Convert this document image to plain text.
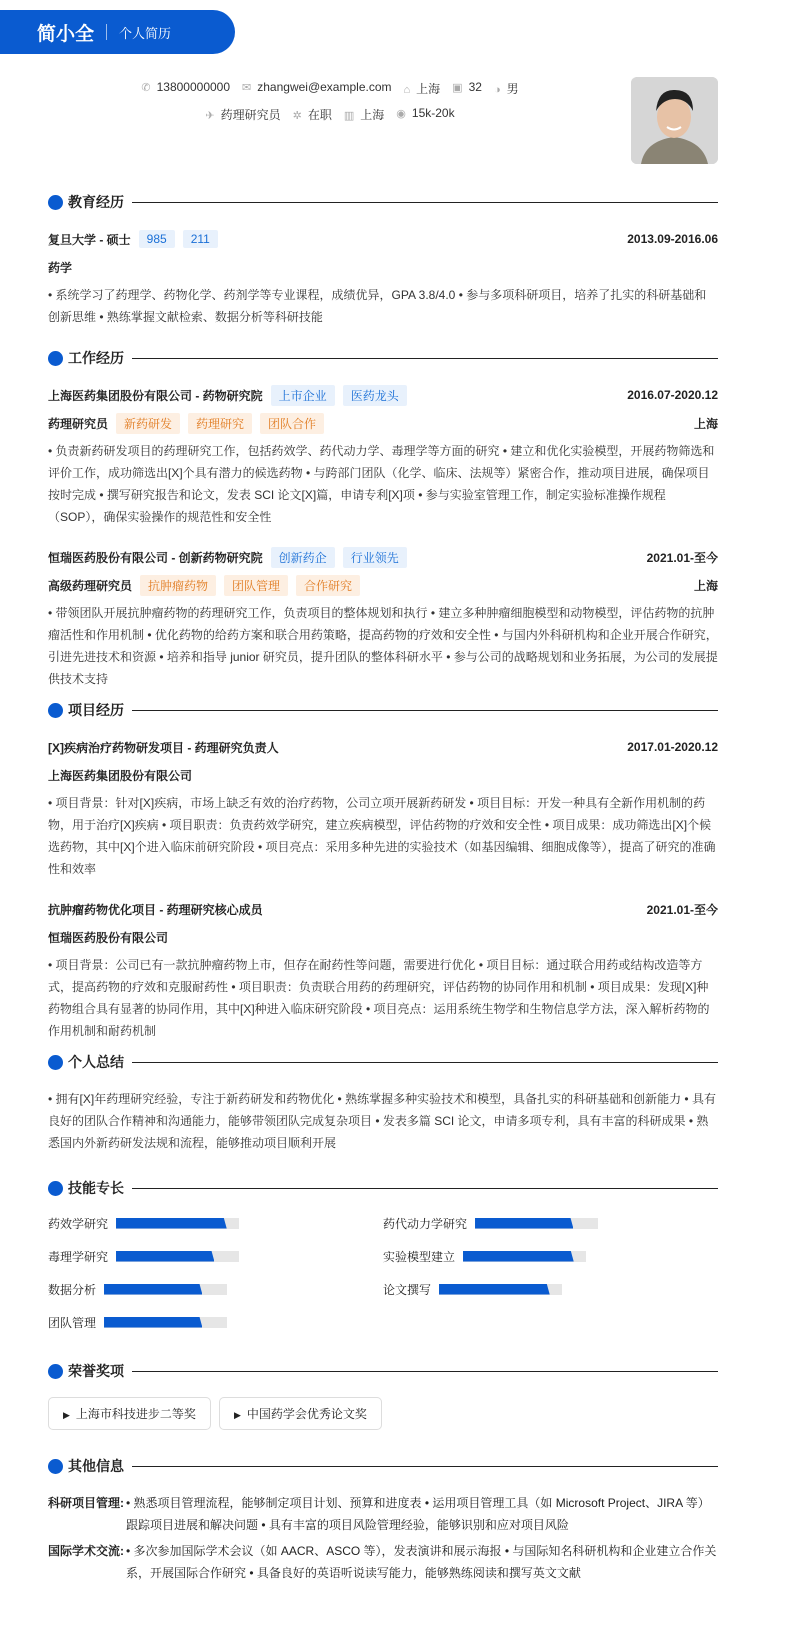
简小全 个人简历
✆ 13800000000 ✉ zhangwei@example.com ⌂ 上海 ▣ 32 ◑ 男
✈ 药理研究员 ✲ 在职 ▥ 上海 ◉ 15k-20k
教育经历
复旦大学 - 硕士	985	211	2013.09-2016.06
药学
• 系统学习了药理学、药物化学、药剂学等专业课程，成绩优异，GPA 3.8/4.0 • 参与多项科研项目，培养了扎实的科研基础和创新思维 • 熟练掌握文献检索、数据分析等科研技能
工作经历
上海医药集团股份有限公司 - 药物研究院	上市企业	医药龙头	2016.07-2020.12
药理研究员	新药研发	药理研究	团队合作	上海
• 负责新药研发项目的药理研究工作，包括药效学、药代动力学、毒理学等方面的研究 • 建立和优化实验模型，开展药物筛选和评价工作，成功筛选出[X]个具有潜力的候选药物 • 与跨部门团队（化学、临床、法规等）紧密合作，推动项目进展，确保项目按时完成 • 撰写研究报告和论文，发表 SCI 论文[X]篇，申请专利[X]项 • 参与实验室管理工作，制定实验标准操作规程（SOP），确保实验操作的规范性和安全性
恒瑞医药股份有限公司 - 创新药物研究院	创新药企	行业领先	2021.01-至今
高级药理研究员	抗肿瘤药物	团队管理	合作研究	上海
• 带领团队开展抗肿瘤药物的药理研究工作，负责项目的整体规划和执行 • 建立多种肿瘤细胞模型和动物模型，评估药物的抗肿瘤活性和作用机制 • 优化药物的给药方案和联合用药策略，提高药物的疗效和安全性 • 与国内外科研机构和企业开展合作研究，引进先进技术和资源 • 培养和指导 junior 研究员，提升团队的整体科研水平 • 参与公司的战略规划和业务拓展，为公司的发展提供技术支持
项目经历
[X]疾病治疗药物研发项目 - 药理研究负责人	2017.01-2020.12
上海医药集团股份有限公司
• 项目背景：针对[X]疾病，市场上缺乏有效的治疗药物，公司立项开展新药研发 • 项目目标：开发一种具有全新作用机制的药物，用于治疗[X]疾病 • 项目职责：负责药效学研究，建立疾病模型，评估药物的疗效和安全性 • 项目成果：成功筛选出[X]个候选药物，其中[X]个进入临床前研究阶段 • 项目亮点：采用多种先进的实验技术（如基因编辑、细胞成像等），提高了研究的准确性和效率
抗肿瘤药物优化项目 - 药理研究核心成员	2021.01-至今
恒瑞医药股份有限公司
• 项目背景：公司已有一款抗肿瘤药物上市，但存在耐药性等问题，需要进行优化 • 项目目标：通过联合用药或结构改造等方式，提高药物的疗效和克服耐药性 • 项目职责：负责联合用药的药理研究，评估药物的协同作用和机制 • 项目成果：发现[X]种药物组合具有显著的协同作用，其中[X]种进入临床研究阶段 • 项目亮点：运用系统生物学和生物信息学方法，深入解析药物的作用机制和耐药机制
个人总结
• 拥有[X]年药理研究经验，专注于新药研发和药物优化 • 熟练掌握多种实验技术和模型，具备扎实的科研基础和创新能力 • 具有良好的团队合作精神和沟通能力，能够带领团队完成复杂项目 • 发表多篇 SCI 论文，申请多项专利，具有丰富的科研成果 • 熟悉国内外新药研发法规和流程，能够推动项目顺利开展
技能专长
药效学研究	药代动力学研究
毒理学研究	实验模型建立
数据分析	论文撰写
团队管理
荣誉奖项
▶ 上海市科技进步二等奖	▶ 中国药学会优秀论文奖
其他信息
科研项目管理: • 熟悉项目管理流程，能够制定项目计划、预算和进度表 • 运用项目管理工具（如 Microsoft Project、JIRA 等）跟踪项目进展和解决问题 • 具有丰富的项目风险管理经验，能够识别和应对项目风险
国际学术交流: • 多次参加国际学术会议（如 AACR、ASCO 等），发表演讲和展示海报 • 与国际知名科研机构和企业建立合作关系，开展国际合作研究 • 具备良好的英语听说读写能力，能够熟练阅读和撰写英文文献
